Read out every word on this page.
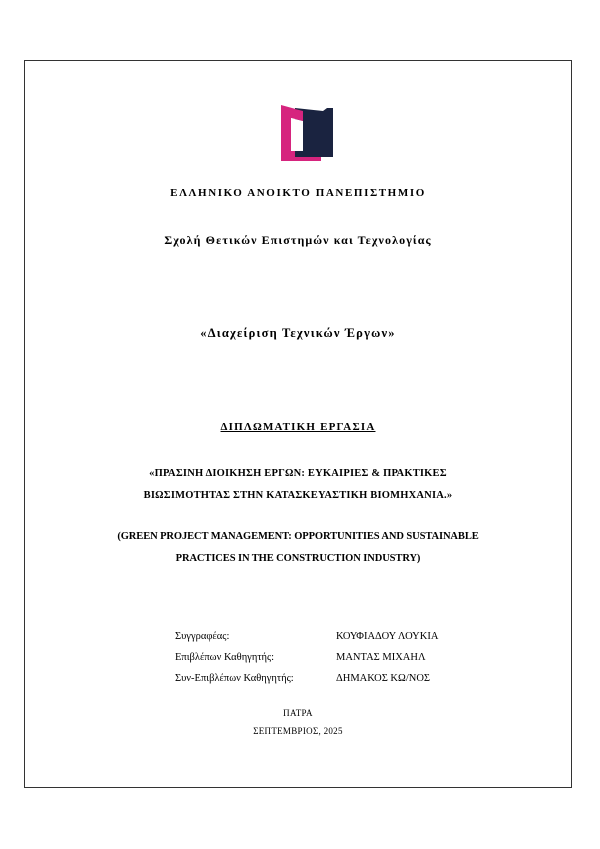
ΕΛΛΗΝΙΚΟ ΑΝΟΙΚΤΟ ΠΑΝΕΠΙΣΤΗΜΙΟ
Σχολή Θετικών Επιστημών και Τεχνολογίας
«Διαχείριση Τεχνικών Έργων»
ΔΙΠΛΩΜΑΤΙΚΗ ΕΡΓΑΣΙΑ
«ΠΡΑΣΙΝΗ ΔΙΟΙΚΗΣΗ ΕΡΓΩΝ: ΕΥΚΑΙΡΙΕΣ & ΠΡΑΚΤΙΚΕΣ
ΒΙΩΣΙΜΟΤΗΤΑΣ ΣΤΗΝ ΚΑΤΑΣΚΕΥΑΣΤΙΚΗ ΒΙΟΜΗΧΑΝΙΑ.»
(GREEN PROJECT MANAGEMENT: OPPORTUNITIES AND SUSTAINABLE
PRACTICES IN THE CONSTRUCTION INDUSTRY)
Συγγραφέας:	ΚΟΥΦΙΑΔΟΥ ΛΟΥΚΙΑ
Επιβλέπων Καθηγητής:	ΜΑΝΤΑΣ ΜΙΧΑΗΛ
Συν-Επιβλέπων Καθηγητής:	ΔΗΜΑΚΟΣ ΚΩ/ΝΟΣ
ΠΑΤΡΑ
ΣΕΠΤΕΜΒΡΙΟΣ, 2025
